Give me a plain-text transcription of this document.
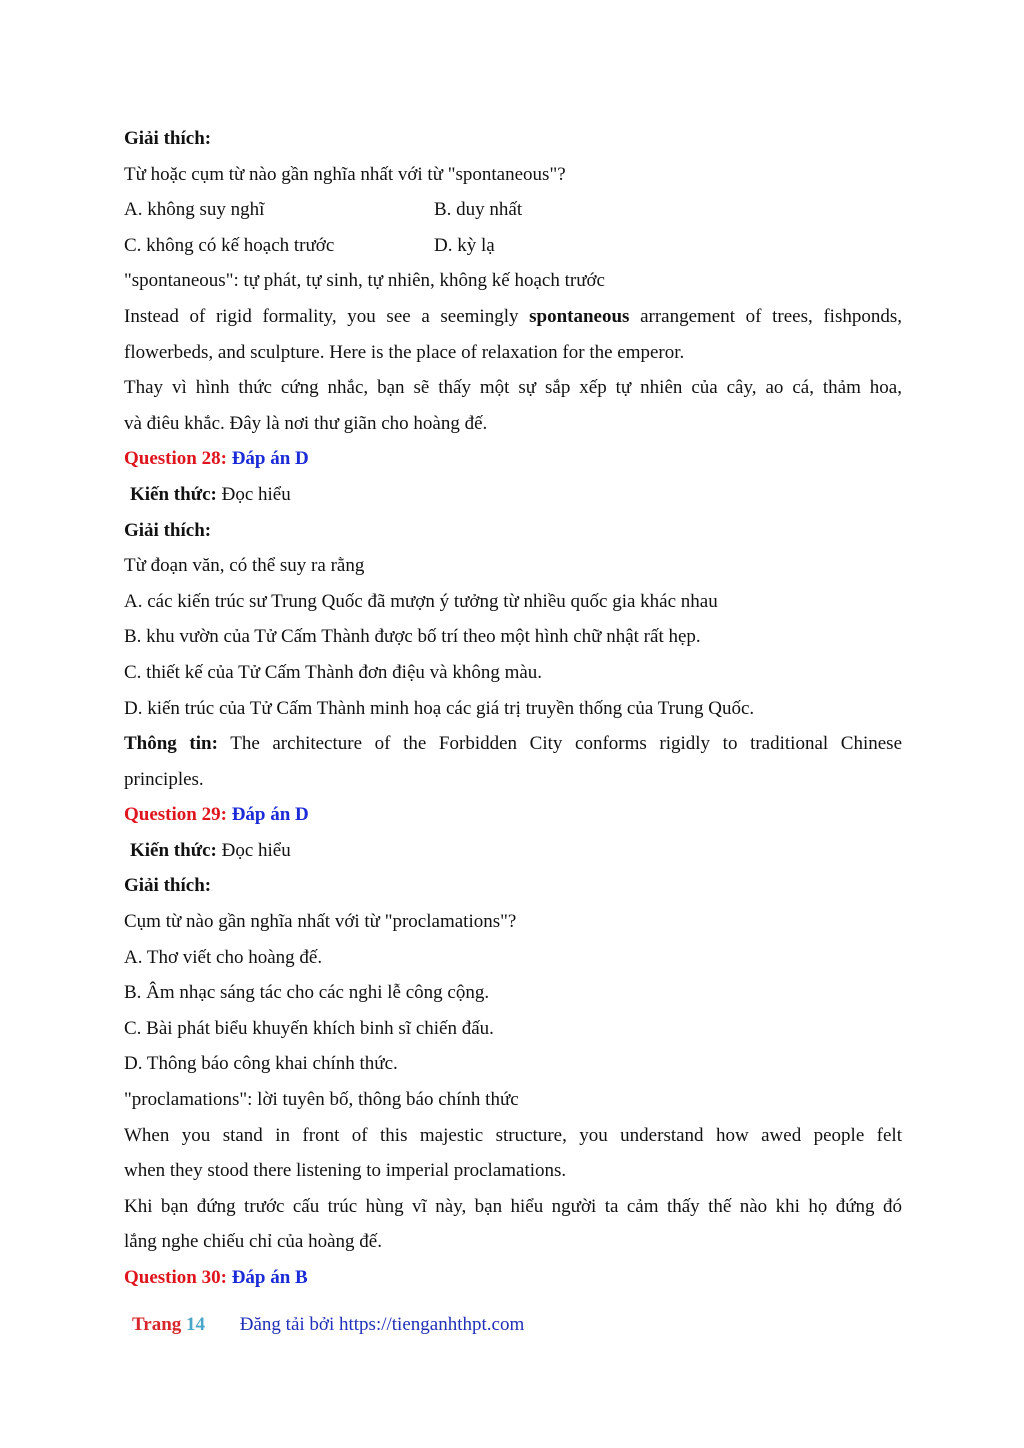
Giải thích:
Từ hoặc cụm từ nào gần nghĩa nhất với từ "spontaneous"?
A. không suy nghĩ	B. duy nhất
C. không có kế hoạch trước	D. kỳ lạ
"spontaneous": tự phát, tự sinh, tự nhiên, không kế hoạch trước
Instead of rigid formality, you see a seemingly spontaneous arrangement of trees, fishponds,
flowerbeds, and sculpture. Here is the place of relaxation for the emperor.
Thay vì hình thức cứng nhắc, bạn sẽ thấy một sự sắp xếp tự nhiên của cây, ao cá, thảm hoa,
và điêu khắc. Đây là nơi thư giãn cho hoàng đế.
Question 28: Đáp án D
Kiến thức: Đọc hiểu
Giải thích:
Từ đoạn văn, có thể suy ra rằng
A. các kiến trúc sư Trung Quốc đã mượn ý tưởng từ nhiều quốc gia khác nhau
B. khu vườn của Tử Cấm Thành được bố trí theo một hình chữ nhật rất hẹp.
C. thiết kế của Tử Cấm Thành đơn điệu và không màu.
D. kiến trúc của Tử Cấm Thành minh hoạ các giá trị truyền thống của Trung Quốc.
Thông tin: The architecture of the Forbidden City conforms rigidly to traditional Chinese
principles.
Question 29: Đáp án D
Kiến thức: Đọc hiểu
Giải thích:
Cụm từ nào gần nghĩa nhất với từ "proclamations"?
A. Thơ viết cho hoàng đế.
B. Âm nhạc sáng tác cho các nghi lễ công cộng.
C. Bài phát biểu khuyến khích binh sĩ chiến đấu.
D. Thông báo công khai chính thức.
"proclamations": lời tuyên bố, thông báo chính thức
When you stand in front of this majestic structure, you understand how awed people felt
when they stood there listening to imperial proclamations.
Khi bạn đứng trước cấu trúc hùng vĩ này, bạn hiểu người ta cảm thấy thế nào khi họ đứng đó
lắng nghe chiếu chỉ của hoàng đế.
Question 30: Đáp án B
Trang 14 Đăng tải bởi https://tienganhthpt.com
